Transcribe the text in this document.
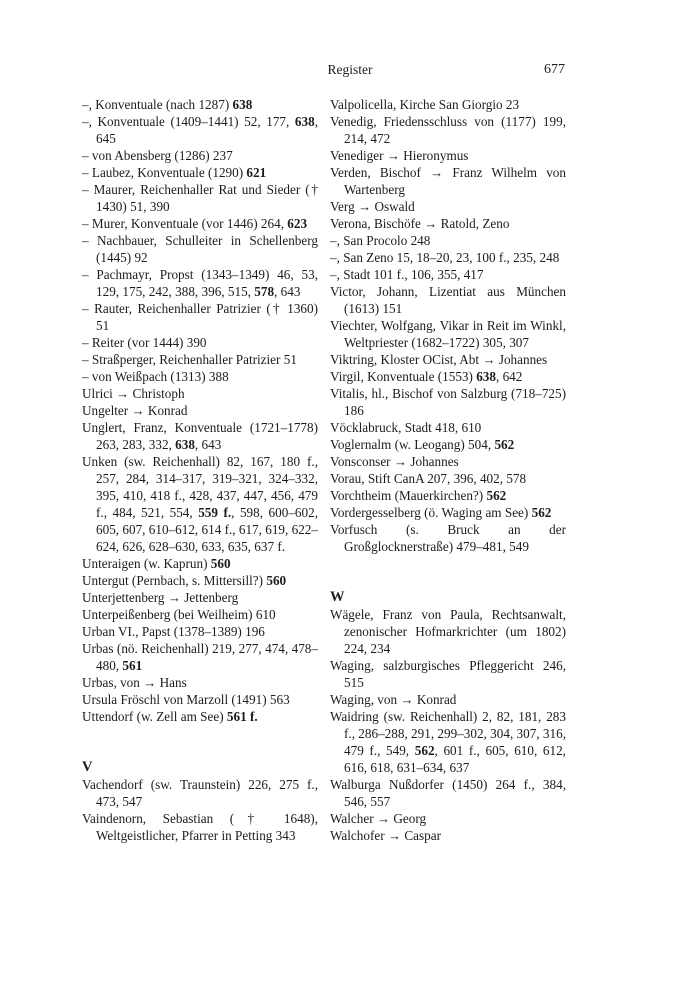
Register	677
–, Konventuale (nach 1287) 638
–, Konventuale (1409–1441) 52, 177, 638, 645
– von Abensberg (1286) 237
– Laubez, Konventuale (1290) 621
– Maurer, Reichenhaller Rat und Sieder († 1430) 51, 390
– Murer, Konventuale (vor 1446) 264, 623
– Nachbauer, Schulleiter in Schellenberg (1445) 92
– Pachmayr, Propst (1343–1349) 46, 53, 129, 175, 242, 388, 396, 515, 578, 643
– Rauter, Reichenhaller Patrizier († 1360) 51
– Reiter (vor 1444) 390
– Straßperger, Reichenhaller Patrizier 51
– von Weißpach (1313) 388
Ulrici → Christoph
Ungelter → Konrad
Unglert, Franz, Konventuale (1721–1778) 263, 283, 332, 638, 643
Unken (sw. Reichenhall) 82, 167, 180 f., 257, 284, 314–317, 319–321, 324–332, 395, 410, 418 f., 428, 437, 447, 456, 479 f., 484, 521, 554, 559 f., 598, 600–602, 605, 607, 610–612, 614 f., 617, 619, 622–624, 626, 628–630, 633, 635, 637 f.
Unteraigen (w. Kaprun) 560
Untergut (Pernbach, s. Mittersill?) 560
Unterjettenberg → Jettenberg
Unterpeißenberg (bei Weilheim) 610
Urban VI., Papst (1378–1389) 196
Urbas (nö. Reichenhall) 219, 277, 474, 478–480, 561
Urbas, von → Hans
Ursula Fröschl von Marzoll (1491) 563
Uttendorf (w. Zell am See) 561 f.
V
Vachendorf (sw. Traunstein) 226, 275 f., 473, 547
Vaindenorn, Sebastian († 1648), Weltgeistlicher, Pfarrer in Petting 343
Valpolicella, Kirche San Giorgio 23
Venedig, Friedensschluss von (1177) 199, 214, 472
Venediger → Hieronymus
Verden, Bischof → Franz Wilhelm von Wartenberg
Verg → Oswald
Verona, Bischöfe → Ratold, Zeno
–, San Procolo 248
–, San Zeno 15, 18–20, 23, 100 f., 235, 248
–, Stadt 101 f., 106, 355, 417
Victor, Johann, Lizentiat aus München (1613) 151
Viechter, Wolfgang, Vikar in Reit im Winkl, Weltpriester (1682–1722) 305, 307
Viktring, Kloster OCist, Abt → Johannes
Virgil, Konventuale (1553) 638, 642
Vitalis, hl., Bischof von Salzburg (718–725) 186
Vöcklabruck, Stadt 418, 610
Voglernalm (w. Leogang) 504, 562
Vonsconser → Johannes
Vorau, Stift CanA 207, 396, 402, 578
Vorchtheim (Mauerkirchen?) 562
Vordergesselberg (ö. Waging am See) 562
Vorfusch (s. Bruck an der Großglocknerstraße) 479–481, 549
W
Wägele, Franz von Paula, Rechtsanwalt, zenonischer Hofmarkrichter (um 1802) 224, 234
Waging, salzburgisches Pfleggericht 246, 515
Waging, von → Konrad
Waidring (sw. Reichenhall) 2, 82, 181, 283 f., 286–288, 291, 299–302, 304, 307, 316, 479 f., 549, 562, 601 f., 605, 610, 612, 616, 618, 631–634, 637
Walburga Nußdorfer (1450) 264 f., 384, 546, 557
Walcher → Georg
Walchofer → Caspar
